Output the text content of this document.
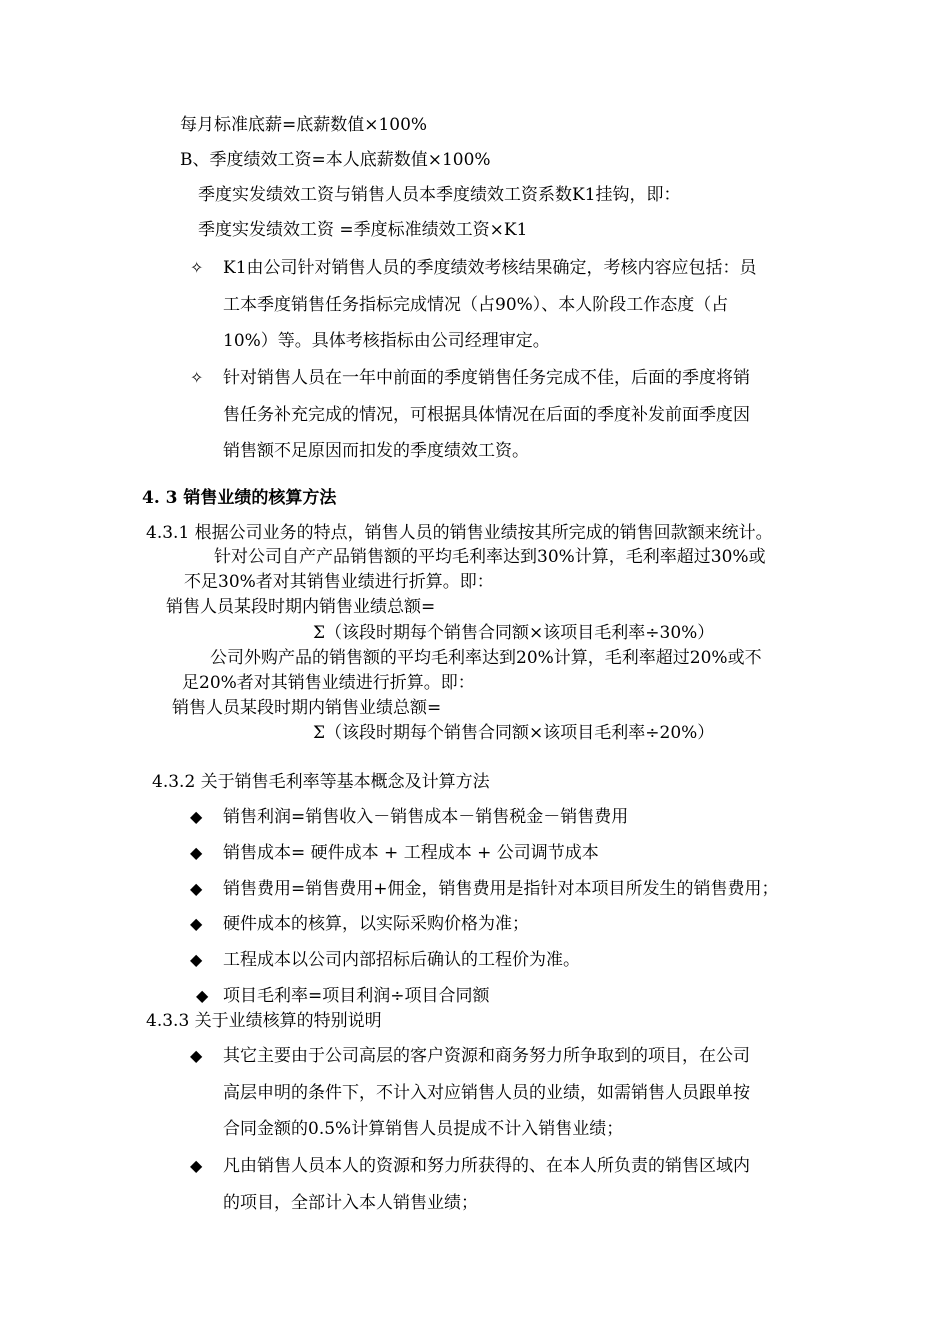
每月标准底薪=底薪数值×100%
B、季度绩效工资=本人底薪数值×100%
季度实发绩效工资与销售人员本季度绩效工资系数K1挂钩，即：
季度实发绩效工资 =季度标准绩效工资×K1
✧ K1由公司针对销售人员的季度绩效考核结果确定，考核内容应包括：员
工本季度销售任务指标完成情况（占90%）、本人阶段工作态度（占
10%）等。具体考核指标由公司经理审定。
✧ 针对销售人员在一年中前面的季度销售任务完成不佳，后面的季度将销
售任务补充完成的情况，可根据具体情况在后面的季度补发前面季度因
销售额不足原因而扣发的季度绩效工资。
4. 3 销售业绩的核算方法
4.3.1 根据公司业务的特点，销售人员的销售业绩按其所完成的销售回款额来统计。
针对公司自产产品销售额的平均毛利率达到30%计算，毛利率超过30%或
不足30%者对其销售业绩进行折算。即：
销售人员某段时期内销售业绩总额=
Σ（该段时期每个销售合同额×该项目毛利率÷30%）
公司外购产品的销售额的平均毛利率达到20%计算，毛利率超过20%或不
足20%者对其销售业绩进行折算。即：
销售人员某段时期内销售业绩总额=
Σ（该段时期每个销售合同额×该项目毛利率÷20%）
4.3.2 关于销售毛利率等基本概念及计算方法
◆ 销售利润=销售收入－销售成本－销售税金－销售费用
◆ 销售成本= 硬件成本 + 工程成本 + 公司调节成本
◆ 销售费用=销售费用+佣金，销售费用是指针对本项目所发生的销售费用；
◆ 硬件成本的核算，以实际采购价格为准；
◆ 工程成本以公司内部招标后确认的工程价为准。
◆ 项目毛利率=项目利润÷项目合同额
4.3.3 关于业绩核算的特别说明
◆ 其它主要由于公司高层的客户资源和商务努力所争取到的项目，在公司
高层申明的条件下，不计入对应销售人员的业绩，如需销售人员跟单按
合同金额的0.5%计算销售人员提成不计入销售业绩；
◆ 凡由销售人员本人的资源和努力所获得的、在本人所负责的销售区域内
的项目，全部计入本人销售业绩；
